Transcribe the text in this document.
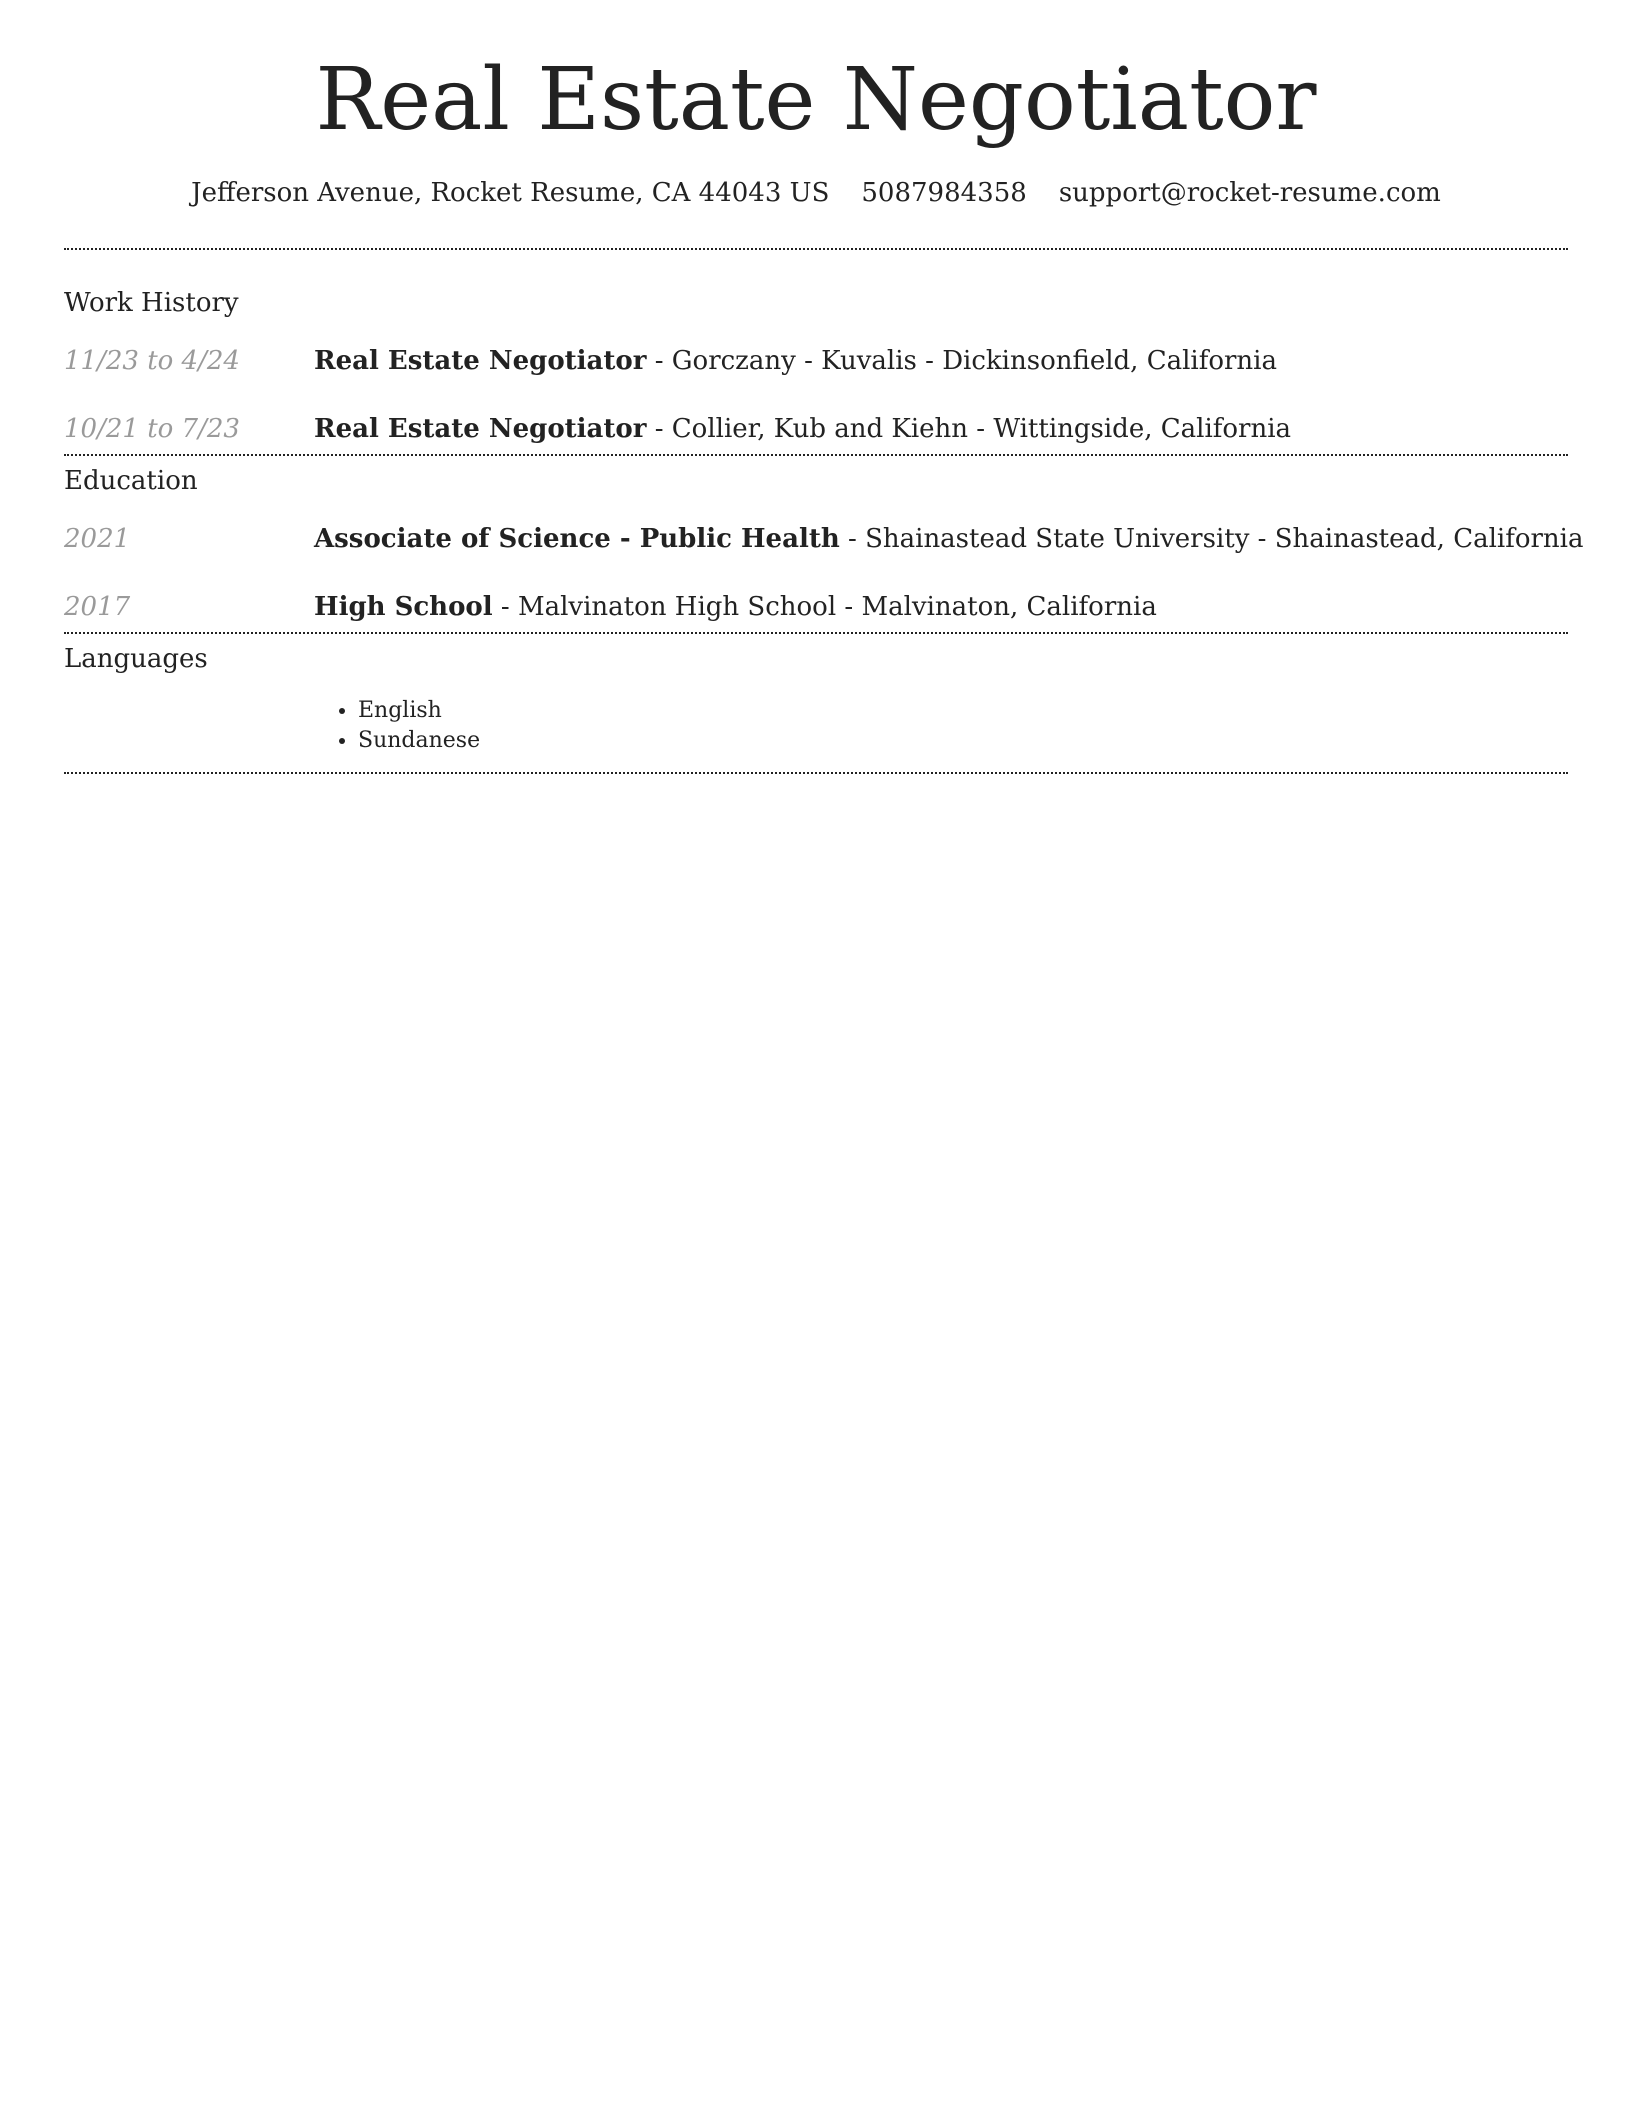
Real Estate Negotiator
Jefferson Avenue, Rocket Resume, CA 44043 US 5087984358 support@rocket-resume.com
Work History
11/23 to 4/24	Real Estate Negotiator - Gorczany - Kuvalis - Dickinsonfield, California
10/21 to 7/23	Real Estate Negotiator - Collier, Kub and Kiehn - Wittingside, California
Education
2021	Associate of Science - Public Health - Shainastead State University - Shainastead, California
2017	High School - Malvinaton High School - Malvinaton, California
Languages
• English
• Sundanese
